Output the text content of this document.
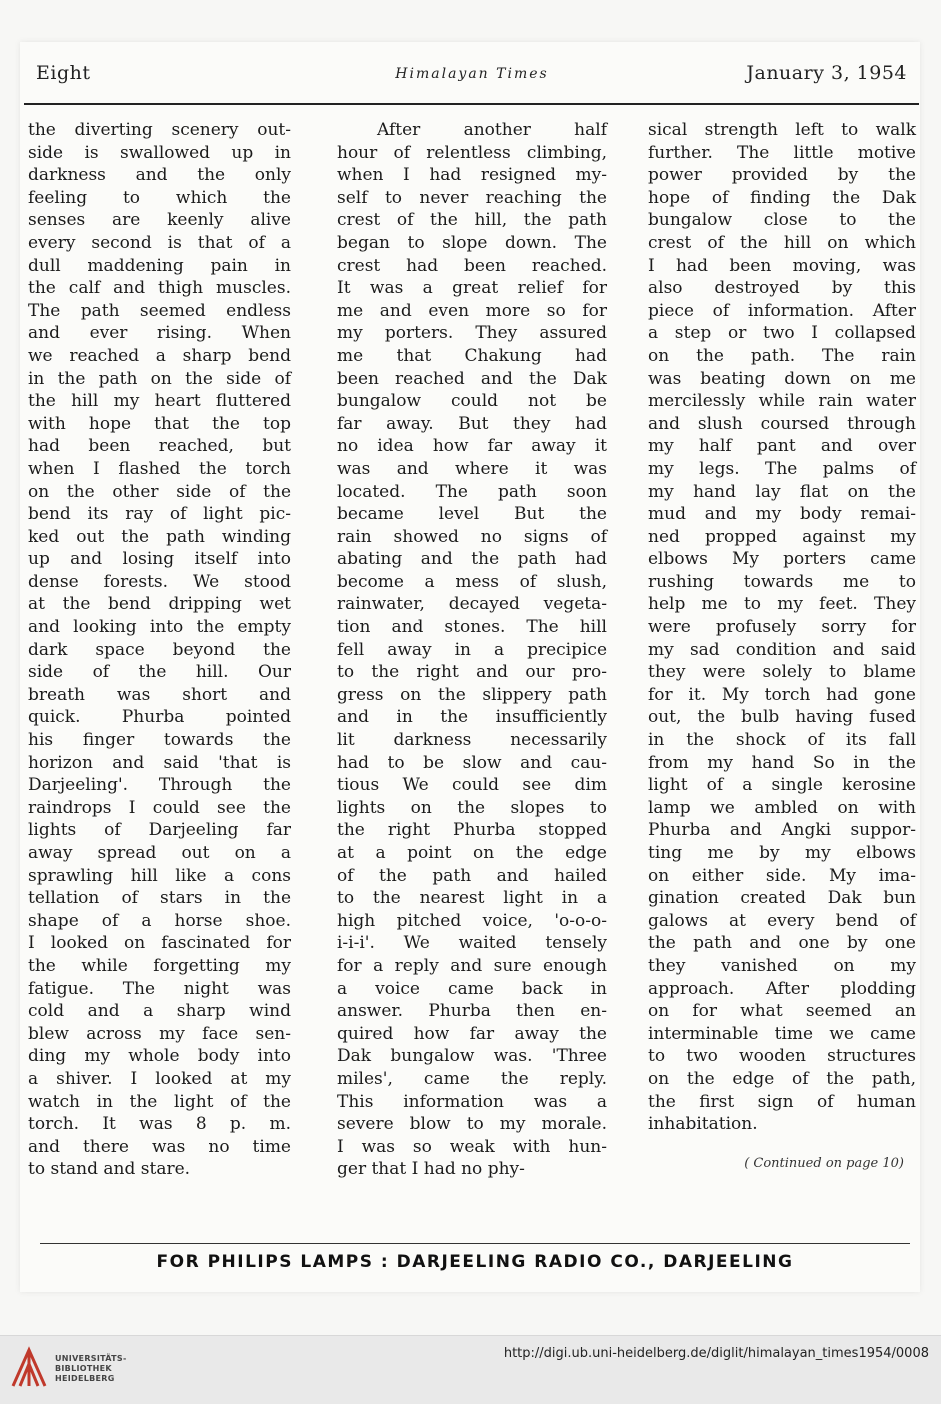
Eight	Himalayan Times	January 3, 1954
the diverting scenery out-
side is swallowed up in
darkness and the only
feeling to which the
senses are keenly alive
every second is that of a
dull maddening pain in
the calf and thigh muscles.
The path seemed endless
and ever rising. When
we reached a sharp bend
in the path on the side of
the hill my heart fluttered
with hope that the top
had been reached, but
when I flashed the torch
on the other side of the
bend its ray of light pic-
ked out the path winding
up and losing itself into
dense forests. We stood
at the bend dripping wet
and looking into the empty
dark space beyond the
side of the hill. Our
breath was short and
quick. Phurba pointed
his finger towards the
horizon and said 'that is
Darjeeling'. Through the
raindrops I could see the
lights of Darjeeling far
away spread out on a
sprawling hill like a cons
tellation of stars in the
shape of a horse shoe.
I looked on fascinated for
the while forgetting my
fatigue. The night was
cold and a sharp wind
blew across my face sen-
ding my whole body into
a shiver. I looked at my
watch in the light of the
torch. It was 8 p. m.
and there was no time
to stand and stare.
After another half
hour of relentless climbing,
when I had resigned my-
self to never reaching the
crest of the hill, the path
began to slope down. The
crest had been reached.
It was a great relief for
me and even more so for
my porters. They assured
me that Chakung had
been reached and the Dak
bungalow could not be
far away. But they had
no idea how far away it
was and where it was
located. The path soon
became level But the
rain showed no signs of
abating and the path had
become a mess of slush,
rainwater, decayed vegeta-
tion and stones. The hill
fell away in a precipice
to the right and our pro-
gress on the slippery path
and in the insufficiently
lit darkness necessarily
had to be slow and cau-
tious We could see dim
lights on the slopes to
the right Phurba stopped
at a point on the edge
of the path and hailed
to the nearest light in a
high pitched voice, 'o-o-o-
i-i-i'. We waited tensely
for a reply and sure enough
a voice came back in
answer. Phurba then en-
quired how far away the
Dak bungalow was. 'Three
miles', came the reply.
This information was a
severe blow to my morale.
I was so weak with hun-
ger that I had no phy-
sical strength left to walk
further. The little motive
power provided by the
hope of finding the Dak
bungalow close to the
crest of the hill on which
I had been moving, was
also destroyed by this
piece of information. After
a step or two I collapsed
on the path. The rain
was beating down on me
mercilessly while rain water
and slush coursed through
my half pant and over
my legs. The palms of
my hand lay flat on the
mud and my body remai-
ned propped against my
elbows My porters came
rushing towards me to
help me to my feet. They
were profusely sorry for
my sad condition and said
they were solely to blame
for it. My torch had gone
out, the bulb having fused
in the shock of its fall
from my hand So in the
light of a single kerosine
lamp we ambled on with
Phurba and Angki suppor-
ting me by my elbows
on either side. My ima-
gination created Dak bun
galows at every bend of
the path and one by one
they vanished on my
approach. After plodding
on for what seemed an
interminable time we came
to two wooden structures
on the edge of the path,
the first sign of human
inhabitation.
( Continued on page 10)
FOR PHILIPS LAMPS : DARJEELING RADIO CO., DARJEELING
UNIVERSITÄTS-
BIBLIOTHEK
HEIDELBERG
http://digi.ub.uni-heidelberg.de/diglit/himalayan_times1954/0008
